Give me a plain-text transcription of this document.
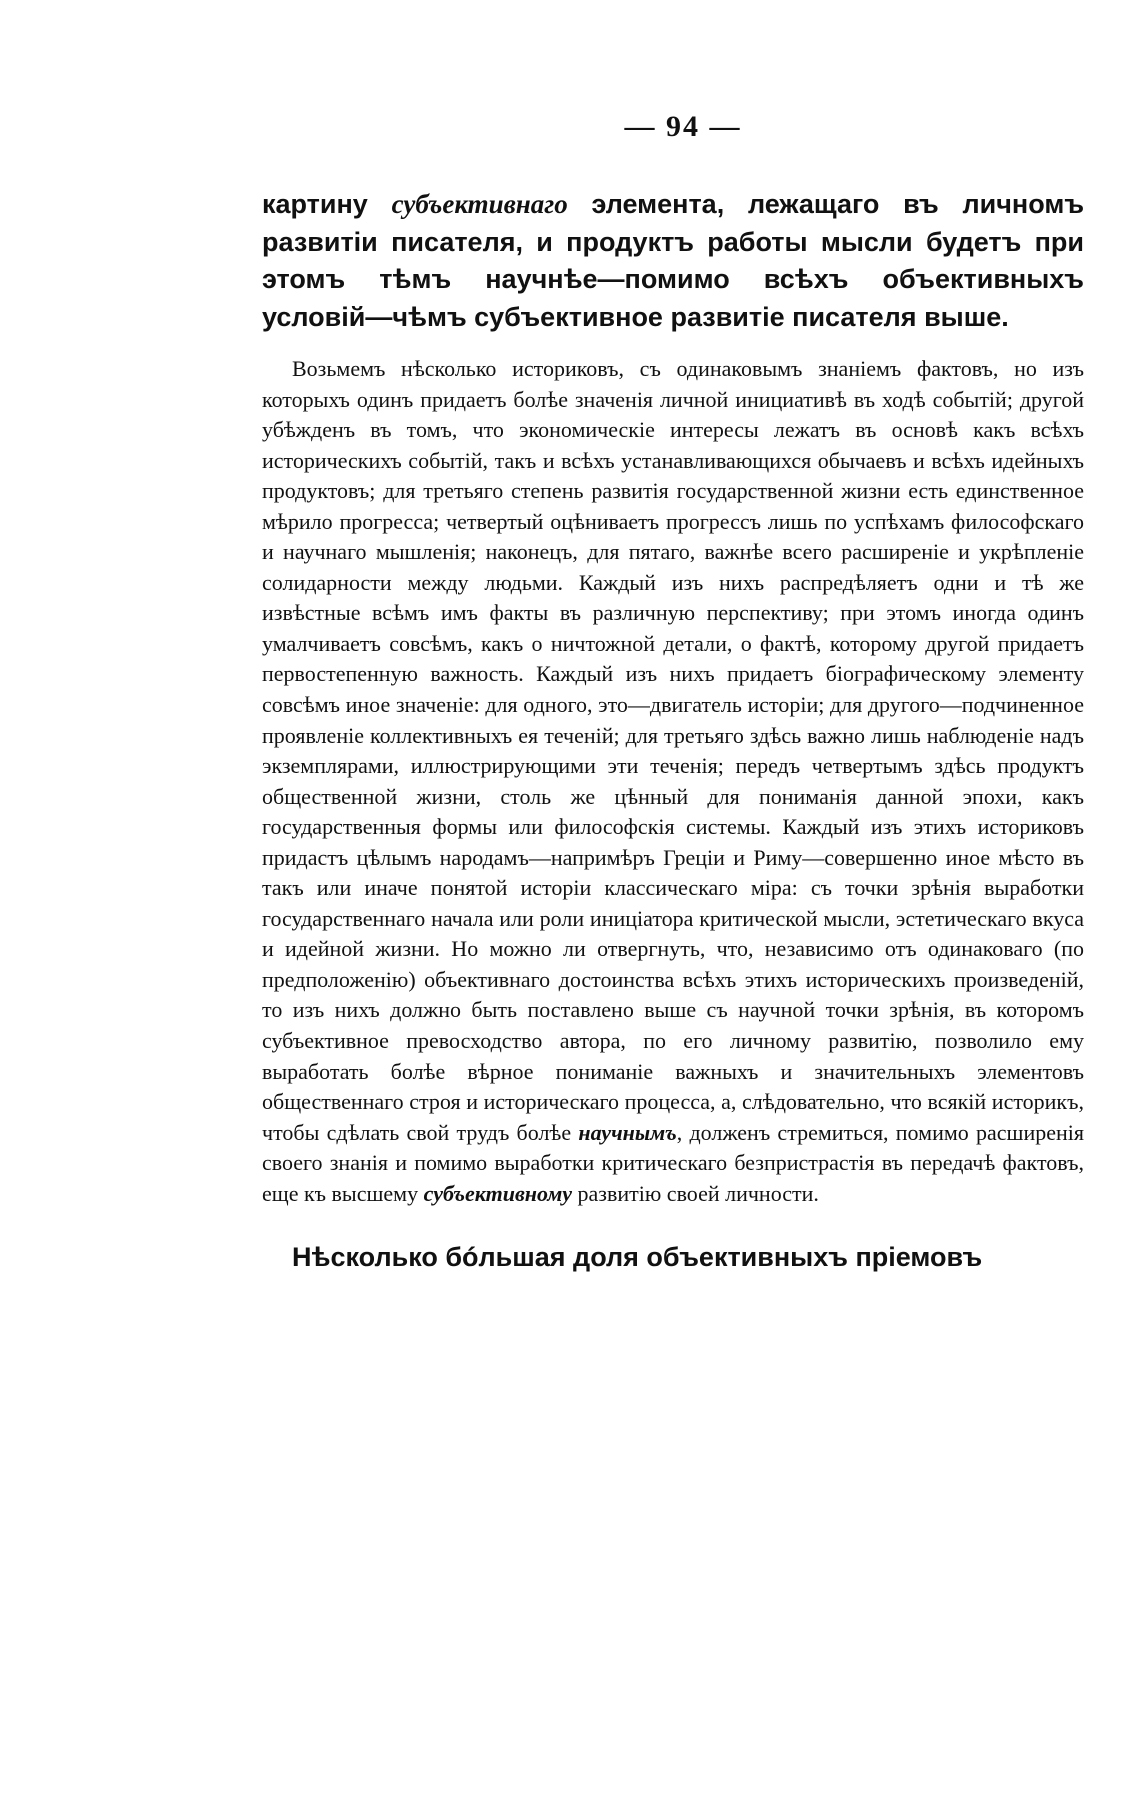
— 94 —

картину субъективнаго элемента, лежащаго въ личномъ развитіи писателя, и продуктъ работы мысли будетъ при этомъ тѣмъ научнѣе—помимо всѣхъ объективныхъ условій—чѣмъ субъективное развитіе писателя выше.

Возьмемъ нѣсколько историковъ, съ одинаковымъ знаніемъ фактовъ, но изъ которыхъ одинъ придаетъ болѣе значенія личной инициативѣ въ ходѣ событій; другой убѣжденъ въ томъ, что экономическіе интересы лежатъ въ основѣ какъ всѣхъ историческихъ событій, такъ и всѣхъ устанавливающихся обычаевъ и всѣхъ идейныхъ продуктовъ; для третьяго степень развитія государственной жизни есть единственное мѣрило прогресса; четвертый оцѣниваетъ прогрессъ лишь по успѣхамъ философскаго и научнаго мышленія; наконецъ, для пятаго, важнѣе всего расширеніе и укрѣпленіе солидарности между людьми. Каждый изъ нихъ распредѣляетъ одни и тѣ же извѣстные всѣмъ имъ факты въ различную перспективу; при этомъ иногда одинъ умалчиваетъ совсѣмъ, какъ о ничтожной детали, о фактѣ, которому другой придаетъ первостепенную важность. Каждый изъ нихъ придаетъ біографическому элементу совсѣмъ иное значеніе: для одного, это—двигатель исторіи; для другого—подчиненное проявленіе коллективныхъ ея теченій; для третьяго здѣсь важно лишь наблюденіе надъ экземплярами, иллюстрирующими эти теченія; передъ четвертымъ здѣсь продуктъ общественной жизни, столь же цѣнный для пониманія данной эпохи, какъ государственныя формы или философскія системы. Каждый изъ этихъ историковъ придастъ цѣлымъ народамъ—напримѣръ Греціи и Риму—совершенно иное мѣсто въ такъ или иначе понятой исторіи классическаго міра: съ точки зрѣнія выработки государственнаго начала или роли иниціатора критической мысли, эстетическаго вкуса и идейной жизни. Но можно ли отвергнуть, что, независимо отъ одинаковаго (по предположенію) объективнаго достоинства всѣхъ этихъ историческихъ произведеній, то изъ нихъ должно быть поставлено выше съ научной точки зрѣнія, въ которомъ субъективное превосходство автора, по его личному развитію, позволило ему выработать болѣе вѣрное пониманіе важныхъ и значительныхъ элементовъ общественнаго строя и историческаго процесса, а, слѣдовательно, что всякій историкъ, чтобы сдѣлать свой трудъ болѣе научнымъ, долженъ стремиться, помимо расширенія своего знанія и помимо выработки критическаго безпристрастія въ передачѣ фактовъ, еще къ высшему субъективному развитію своей личности.

Нѣсколько бóльшая доля объективныхъ пріемовъ
